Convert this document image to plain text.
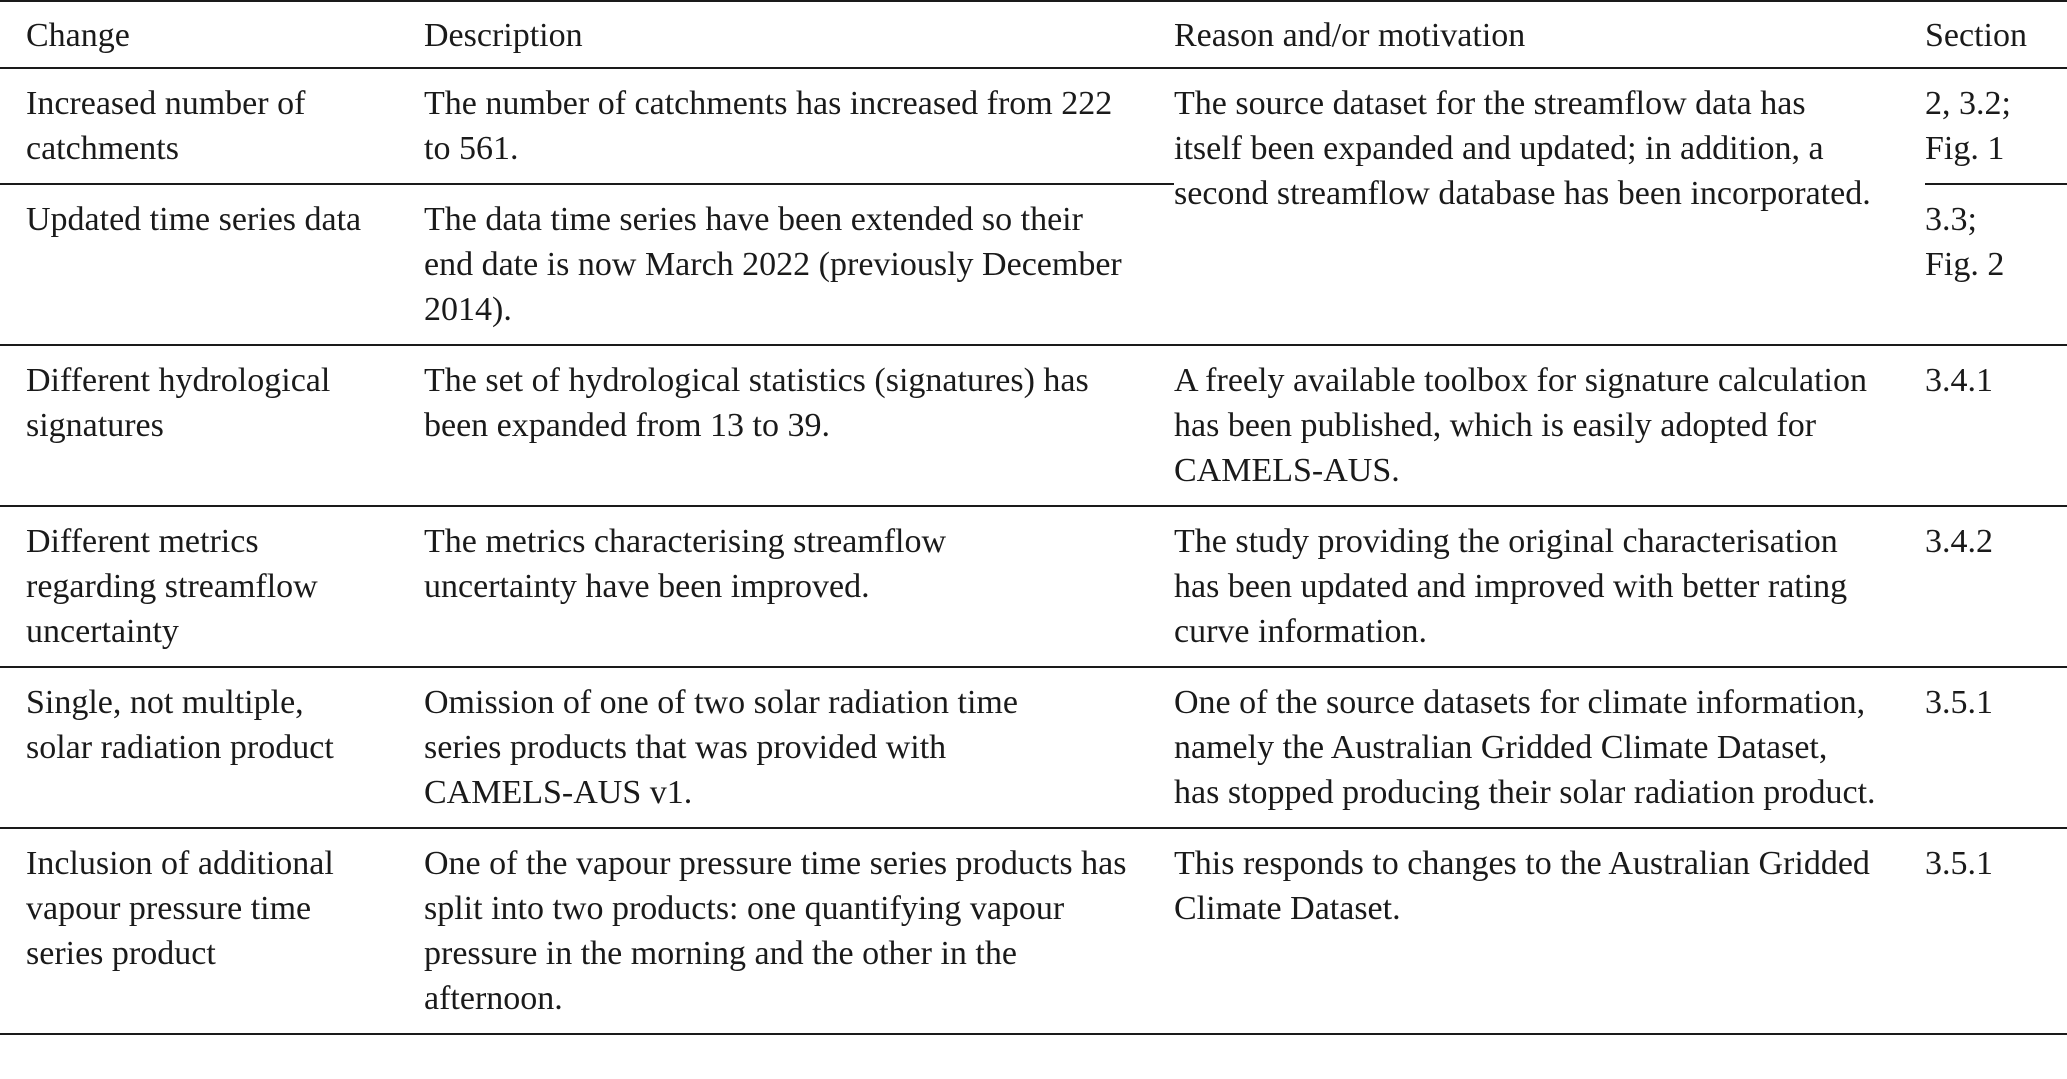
Change	Description	Reason and/or motivation	Section

Increased number of catchments	The number of catchments has increased from 222 to 561.	The source dataset for the streamflow data has itself been expanded and updated; in addition, a second streamflow database has been incorporated.	2, 3.2; Fig. 1

Updated time series data	The data time series have been extended so their end date is now March 2022 (previously December 2014).		3.3; Fig. 2

Different hydrological signatures	The set of hydrological statistics (signatures) has been expanded from 13 to 39.	A freely available toolbox for signature calculation has been published, which is easily adopted for CAMELS-AUS.	3.4.1

Different metrics regarding streamflow uncertainty	The metrics characterising streamflow uncertainty have been improved.	The study providing the original characterisation has been updated and improved with better rating curve information.	3.4.2

Single, not multiple, solar radiation product	Omission of one of two solar radiation time series products that was provided with CAMELS-AUS v1.	One of the source datasets for climate information, namely the Australian Gridded Climate Dataset, has stopped producing their solar radiation product.	3.5.1

Inclusion of additional vapour pressure time series product	One of the vapour pressure time series products has split into two products: one quantifying vapour pressure in the morning and the other in the afternoon.	This responds to changes to the Australian Gridded Climate Dataset.	3.5.1
